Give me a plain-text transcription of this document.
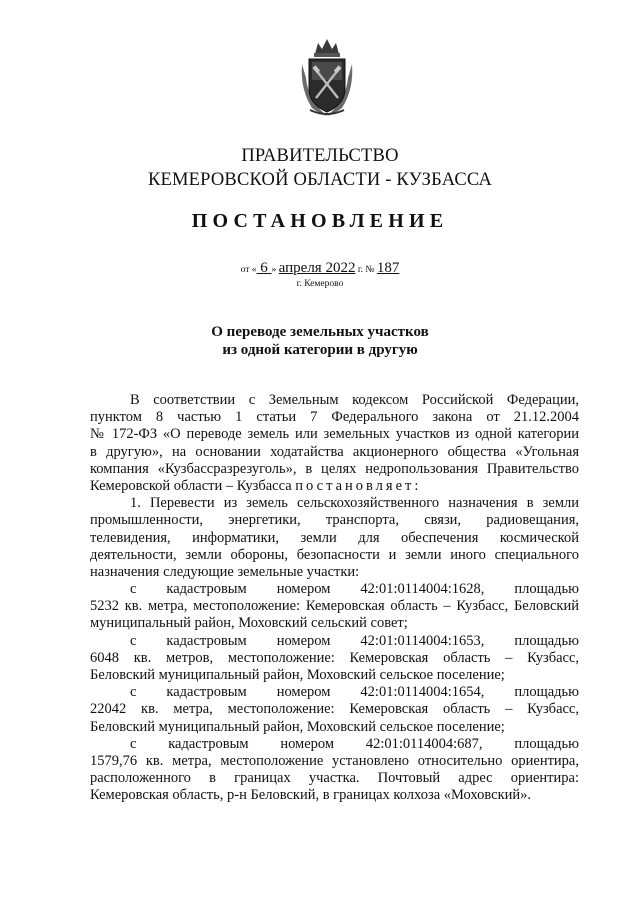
ПРАВИТЕЛЬСТВО
КЕМЕРОВСКОЙ ОБЛАСТИ - КУЗБАССА
ПОСТАНОВЛЕНИЕ
от « 6 » апреля 2022 г. № 187
г. Кемерово
О переводе земельных участков
из одной категории в другую
В соответствии с Земельным кодексом Российской Федерации,
пунктом 8 частью 1 статьи 7 Федерального закона от 21.12.2004
№ 172-ФЗ «О переводе земель или земельных участков из одной категории
в другую», на основании ходатайства акционерного общества «Угольная
компания «Кузбассразрезуголь», в целях недропользования Правительство
Кемеровской области – Кузбасса постановляет:
1. Перевести из земель сельскохозяйственного назначения в земли
промышленности, энергетики, транспорта, связи, радиовещания,
телевидения, информатики, земли для обеспечения космической
деятельности, земли обороны, безопасности и земли иного специального
назначения следующие земельные участки:
с кадастровым номером 42:01:0114004:1628, площадью
5232 кв. метра, местоположение: Кемеровская область – Кузбасс, Беловский
муниципальный район, Моховский сельский совет;
с кадастровым номером 42:01:0114004:1653, площадью
6048 кв. метров, местоположение: Кемеровская область – Кузбасс,
Беловский муниципальный район, Моховский сельское поселение;
с кадастровым номером 42:01:0114004:1654, площадью
22042 кв. метра, местоположение: Кемеровская область – Кузбасс,
Беловский муниципальный район, Моховский сельское поселение;
с кадастровым номером 42:01:0114004:687, площадью
1579,76 кв. метра, местоположение установлено относительно ориентира,
расположенного в границах участка. Почтовый адрес ориентира:
Кемеровская область, р-н Беловский, в границах колхоза «Моховский».
